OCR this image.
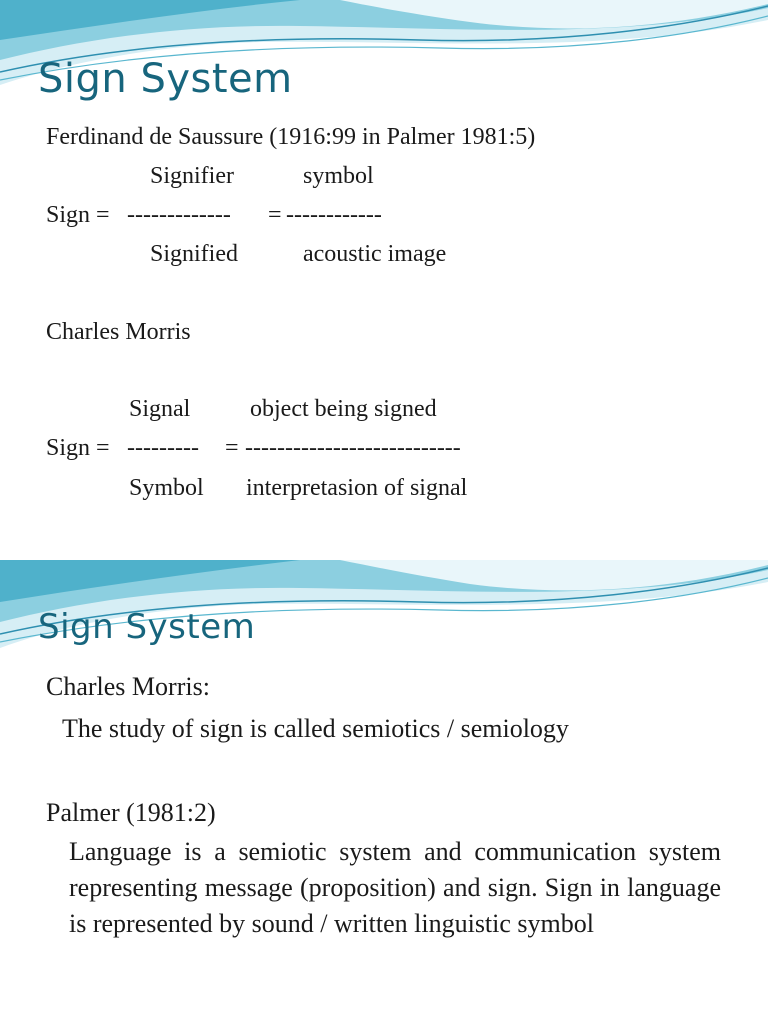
Sign System
Ferdinand de Saussure (1916:99 in Palmer 1981:5)
Signifier	symbol
Sign = ------------- = ------------
Signified	acoustic image
Charles Morris
Signal object being signed
Sign = --------- = ---------------------------
Symbol interpretasion of signal
Sign System
Charles Morris:
The study of sign is called semiotics / semiology
Palmer (1981:2)
Language is a semiotic system and communication system representing message (proposition) and sign. Sign in language is represented by sound / written linguistic symbol
